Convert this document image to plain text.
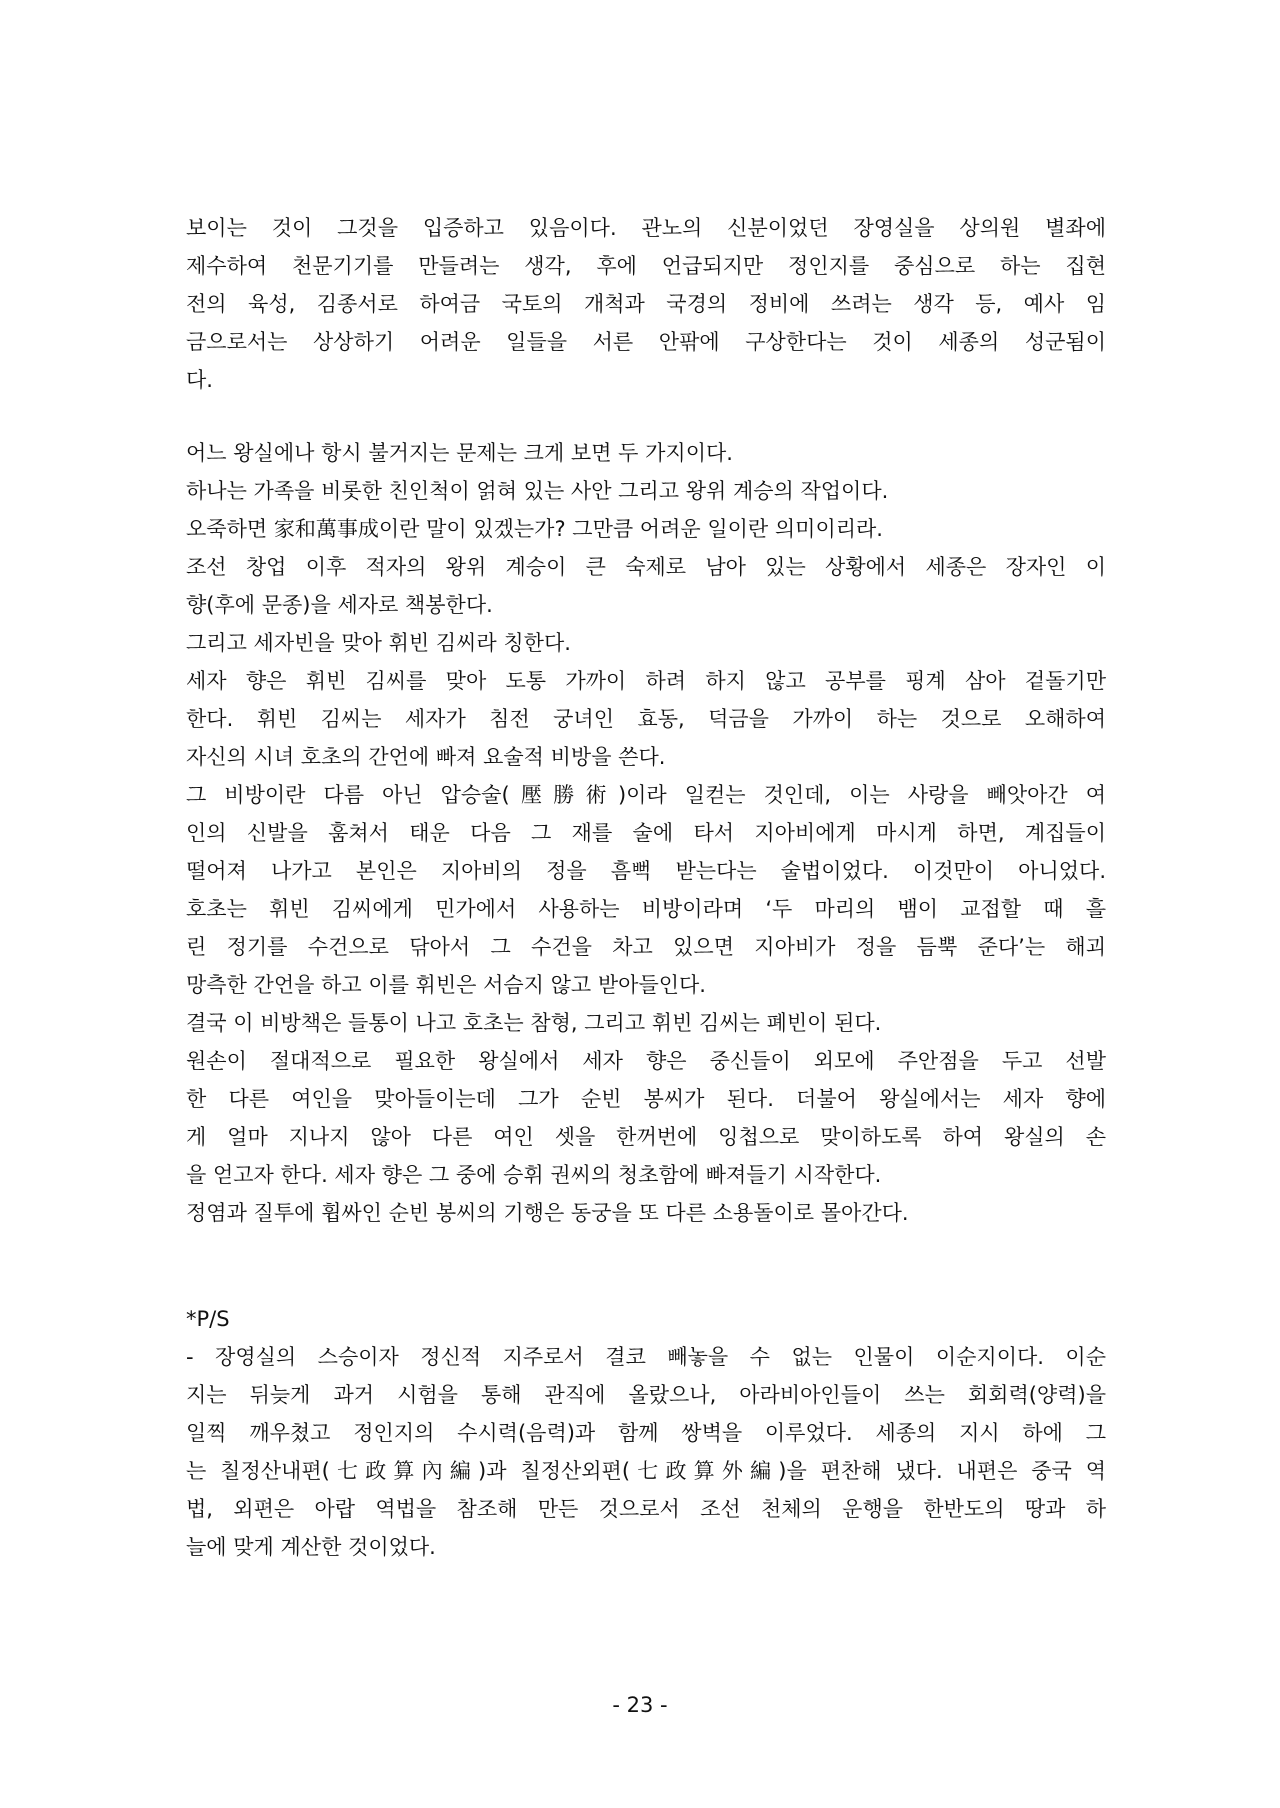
보이는 것이 그것을 입증하고 있음이다. 관노의 신분이었던 장영실을 상의원 별좌에
제수하여 천문기기를 만들려는 생각, 후에 언급되지만 정인지를 중심으로 하는 집현
전의 육성, 김종서로 하여금 국토의 개척과 국경의 정비에 쓰려는 생각 등, 예사 임
금으로서는 상상하기 어려운 일들을 서른 안팎에 구상한다는 것이 세종의 성군됨이
다.
어느 왕실에나 항시 불거지는 문제는 크게 보면 두 가지이다.
하나는 가족을 비롯한 친인척이 얽혀 있는 사안 그리고 왕위 계승의 작업이다.
오죽하면 家和萬事成이란 말이 있겠는가? 그만큼 어려운 일이란 의미이리라.
조선 창업 이후 적자의 왕위 계승이 큰 숙제로 남아 있는 상황에서 세종은 장자인 이
향(후에 문종)을 세자로 책봉한다.
그리고 세자빈을 맞아 휘빈 김씨라 칭한다.
세자 향은 휘빈 김씨를 맞아 도통 가까이 하려 하지 않고 공부를 핑계 삼아 겉돌기만
한다. 휘빈 김씨는 세자가 침전 궁녀인 효동, 덕금을 가까이 하는 것으로 오해하여
자신의 시녀 호초의 간언에 빠져 요술적 비방을 쓴다.
그 비방이란 다름 아닌 압승술(壓勝術)이라 일컫는 것인데, 이는 사랑을 빼앗아간 여
인의 신발을 훔쳐서 태운 다음 그 재를 술에 타서 지아비에게 마시게 하면, 계집들이
떨어져 나가고 본인은 지아비의 정을 흠뻑 받는다는 술법이었다. 이것만이 아니었다.
호초는 휘빈 김씨에게 민가에서 사용하는 비방이라며 ‘두 마리의 뱀이 교접할 때 흘
린 정기를 수건으로 닦아서 그 수건을 차고 있으면 지아비가 정을 듬뿍 준다’는 해괴
망측한 간언을 하고 이를 휘빈은 서슴지 않고 받아들인다.
결국 이 비방책은 들통이 나고 호초는 참형, 그리고 휘빈 김씨는 폐빈이 된다.
원손이 절대적으로 필요한 왕실에서 세자 향은 중신들이 외모에 주안점을 두고 선발
한 다른 여인을 맞아들이는데 그가 순빈 봉씨가 된다. 더불어 왕실에서는 세자 향에
게 얼마 지나지 않아 다른 여인 셋을 한꺼번에 잉첩으로 맞이하도록 하여 왕실의 손
을 얻고자 한다. 세자 향은 그 중에 승휘 권씨의 청초함에 빠져들기 시작한다.
정염과 질투에 휩싸인 순빈 봉씨의 기행은 동궁을 또 다른 소용돌이로 몰아간다.
*P/S
- 장영실의 스승이자 정신적 지주로서 결코 빼놓을 수 없는 인물이 이순지이다. 이순
지는 뒤늦게 과거 시험을 통해 관직에 올랐으나, 아라비아인들이 쓰는 회회력(양력)을
일찍 깨우쳤고 정인지의 수시력(음력)과 함께 쌍벽을 이루었다. 세종의 지시 하에 그
는 칠정산내편(七政算內編)과 칠정산외편(七政算外編)을 편찬해 냈다. 내편은 중국 역
법, 외편은 아랍 역법을 참조해 만든 것으로서 조선 천체의 운행을 한반도의 땅과 하
늘에 맞게 계산한 것이었다.
- 23 -
